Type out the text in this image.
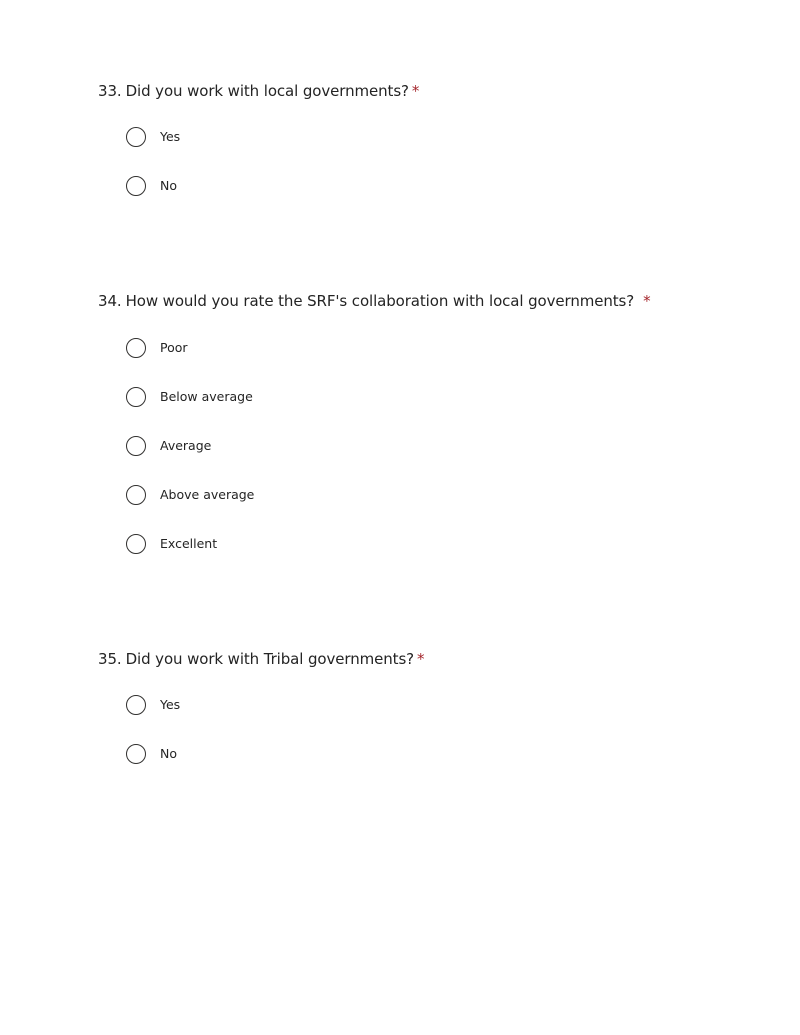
33. Did you work with local governments? *
Yes
No
34. How would you rate the SRF's collaboration with local governments? *
Poor
Below average
Average
Above average
Excellent
35. Did you work with Tribal governments? *
Yes
No
